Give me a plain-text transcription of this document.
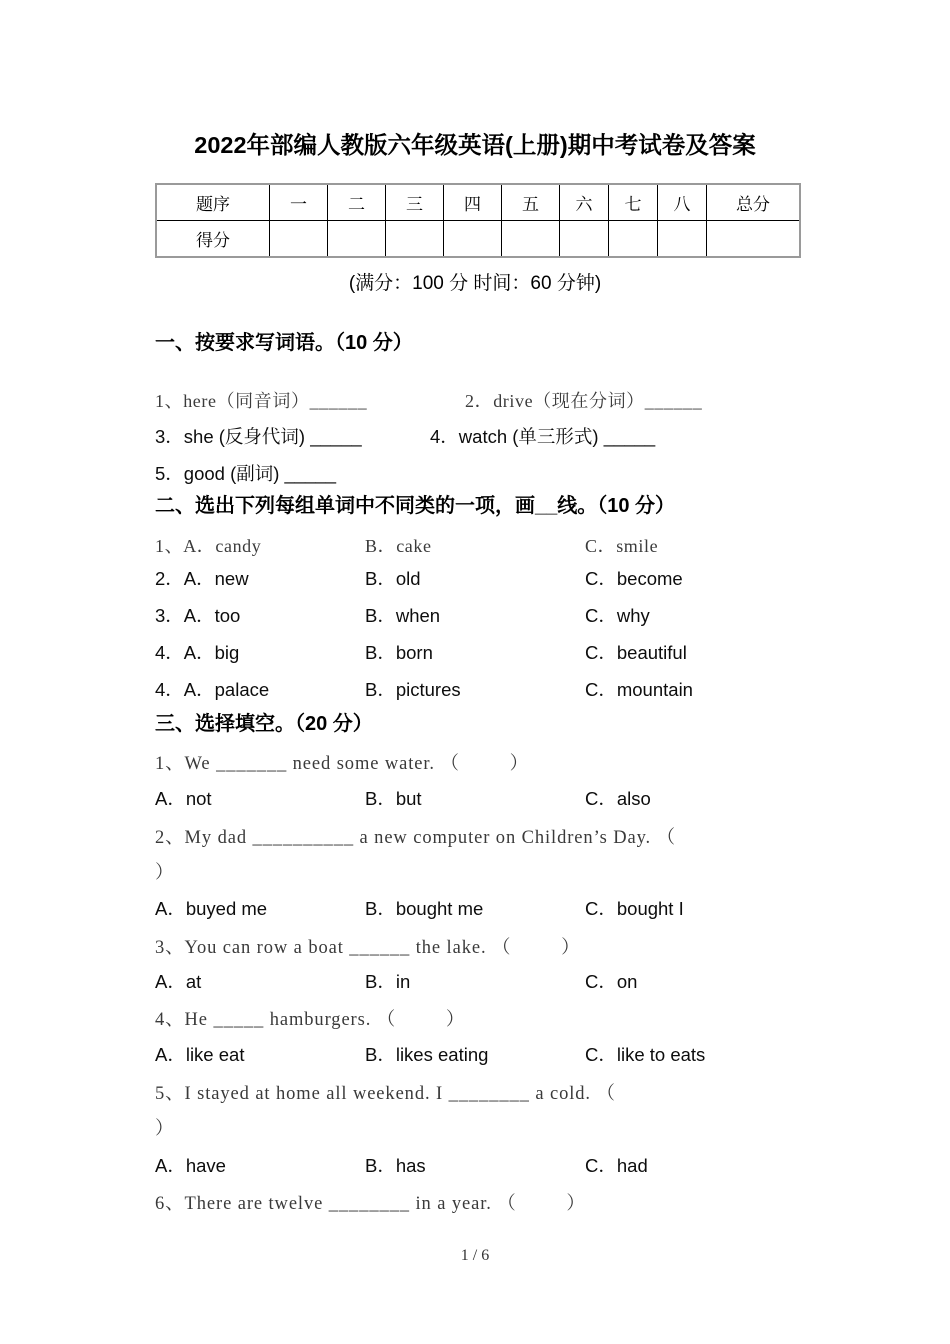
2022年部编人教版六年级英语(上册)期中考试卷及答案
题序	一	二	三	四	五	六	七	八	总分
得分									
(满分：100 分 时间：60 分钟)
一、按要求写词语。（10 分）
1、here（同音词）______	2．drive（现在分词）______
3．she (反身代词) _____	4．watch (单三形式) _____
5．good (副词) _____
二、选出下列每组单词中不同类的一项，画__线。（10 分）
1、A．candy	B．cake	C．smile
2．A．new	B．old	C．become
3．A．too	B．when	C．why
4．A．big	B．born	C．beautiful
4．A．palace	B．pictures	C．mountain
三、选择填空。（20 分）
1、We _______ need some water. （         ）
A．not	B．but	C．also
2、My dad __________ a new computer on Children’s Day. （
）
A．buyed me	B．bought me	C．bought I
3、You can row a boat ______ the lake. （         ）
A．at	B．in	C．on
4、He _____ hamburgers. （         ）
A．like eat	B．likes eating	C．like to eats
5、I stayed at home all weekend. I ________ a cold. （
）
A．have	B．has	C．had
6、There are twelve ________ in a year. （         ）
1 / 6
